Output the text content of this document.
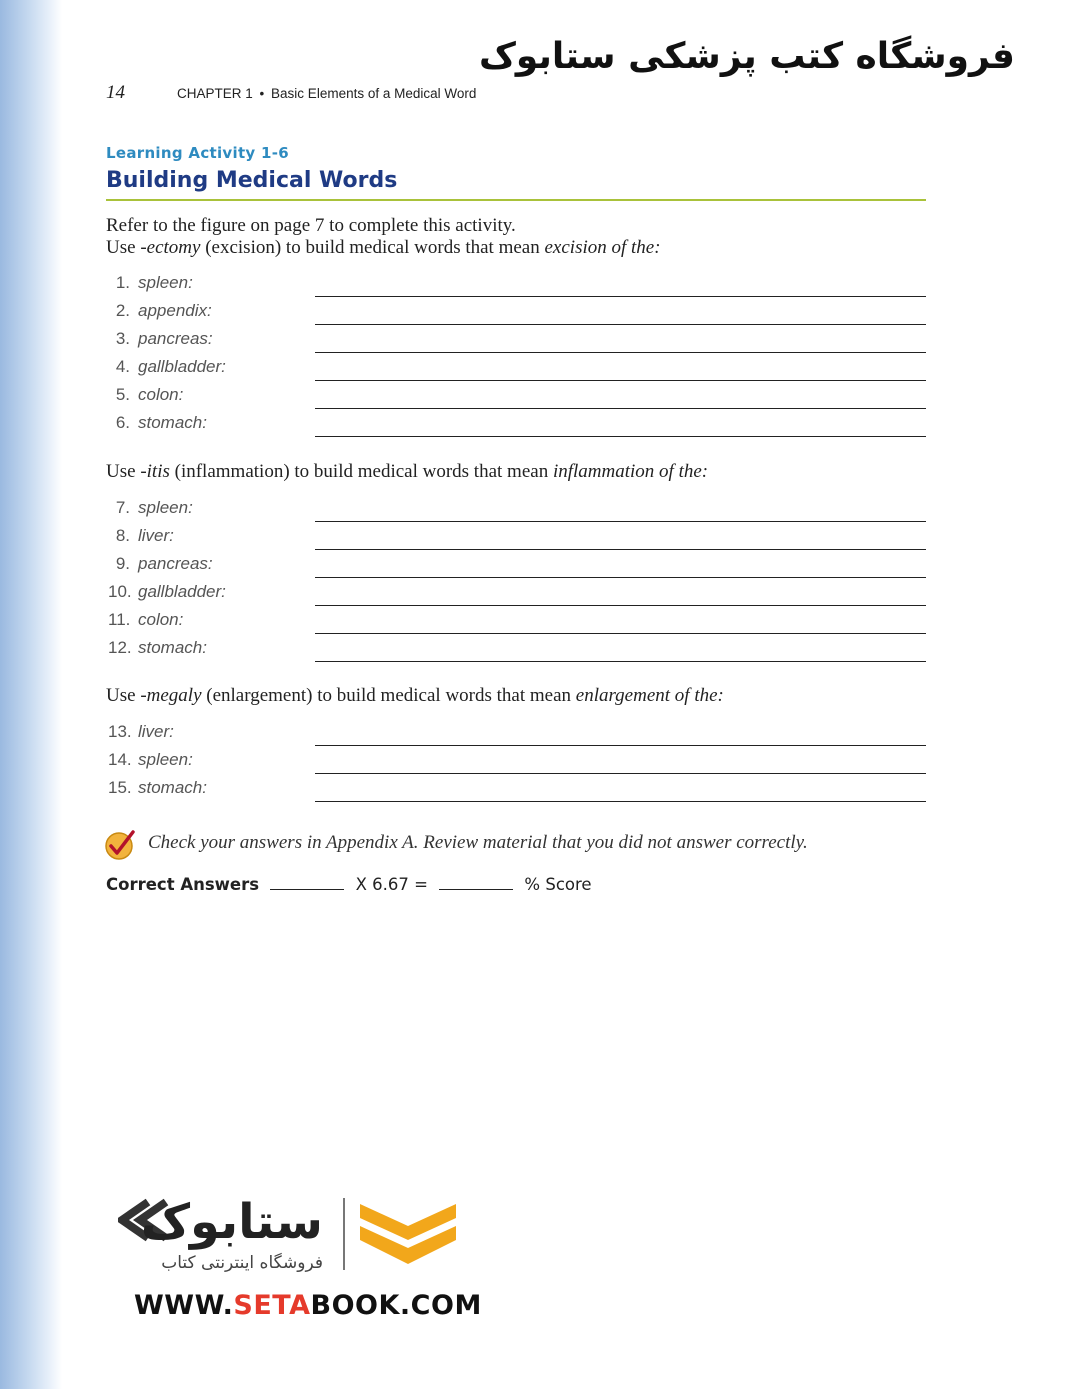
فروشگاه کتب پزشکی ستابوک
14	CHAPTER 1 • Basic Elements of a Medical Word
Learning Activity 1-6
Building Medical Words
Refer to the figure on page 7 to complete this activity.
Use -ectomy (excision) to build medical words that mean excision of the:
1. spleen:
2. appendix:
3. pancreas:
4. gallbladder:
5. colon:
6. stomach:
Use -itis (inflammation) to build medical words that mean inflammation of the:
7. spleen:
8. liver:
9. pancreas:
10. gallbladder:
11. colon:
12. stomach:
Use -megaly (enlargement) to build medical words that mean enlargement of the:
13. liver:
14. spleen:
15. stomach:
Check your answers in Appendix A. Review material that you did not answer correctly.
Correct Answers	X 6.67 =	% Score
ستابوک
فروشگاه اینترنتی کتاب
WWW.SETABOOK.COM
